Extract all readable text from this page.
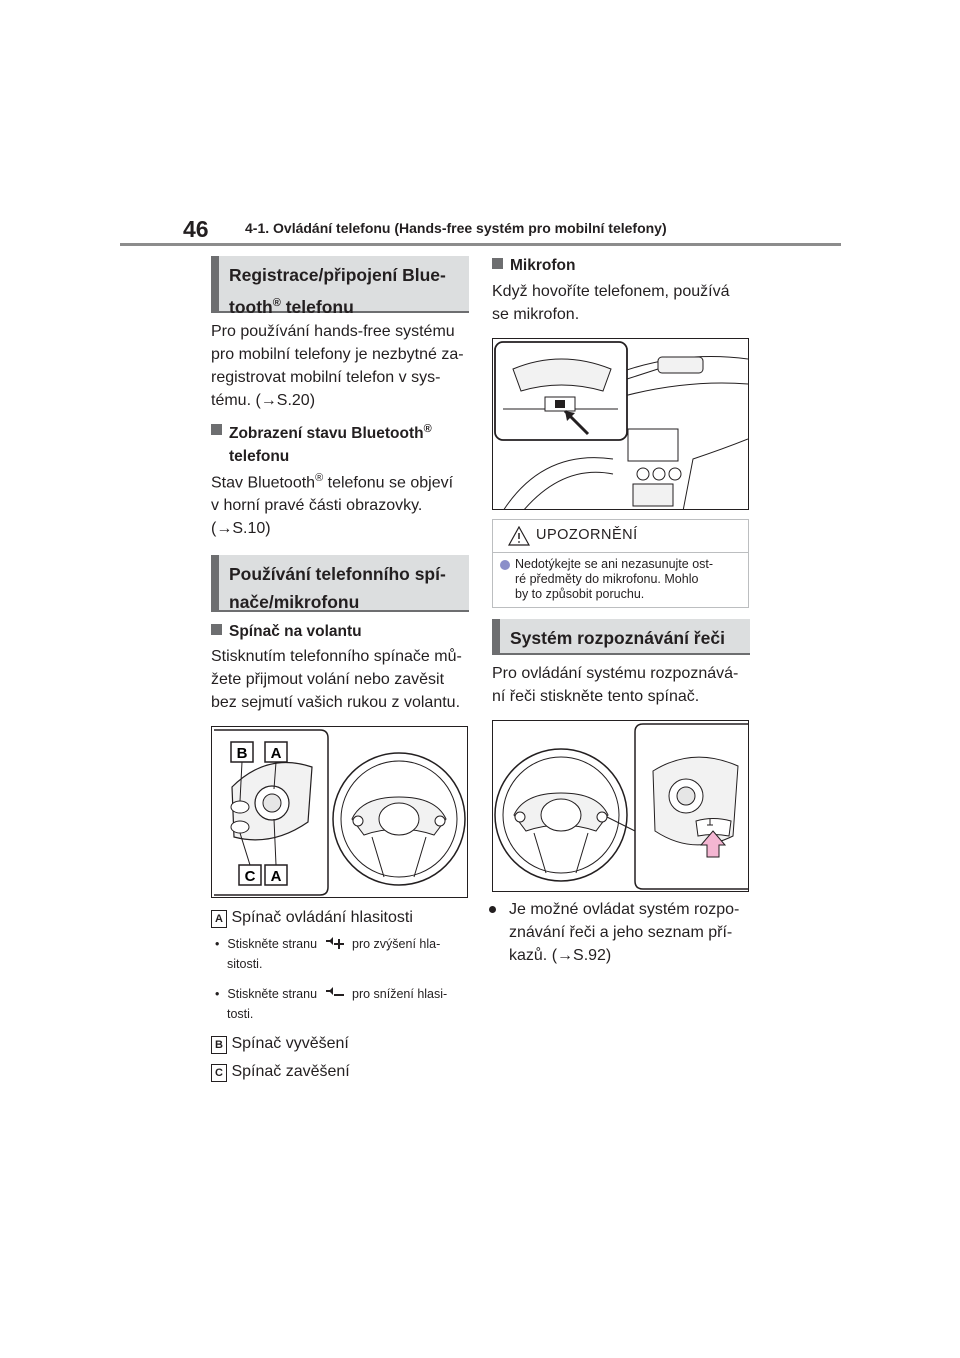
46	4-1. Ovládání telefonu (Hands-free systém pro mobilní telefony)
Registrace/připojení Blue-
tooth® telefonu
Pro používání hands-free systému
pro mobilní telefony je nezbytné za-
registrovat mobilní telefon v sys-
tému. (→S.20)
Zobrazení stavu Bluetooth®
telefonu
Stav Bluetooth® telefonu se objeví
v horní pravé části obrazovky.
(→S.10)
Používání telefonního spí-
nače/mikrofonu
Spínač na volantu
Stisknutím telefonního spínače mů-
žete přijmout volání nebo zavěsit
bez sejmutí vašich rukou z volantu.
B A
C A
A Spínač ovládání hlasitosti
• Stiskněte stranu	pro zvýšení hla-
sitosti.
• Stiskněte stranu	pro snížení hlasi-
tosti.
B Spínač vyvěšení
C Spínač zavěšení
Mikrofon
Když hovoříte telefonem, používá
se mikrofon.
UPOZORNĚNÍ
Nedotýkejte se ani nezasunujte ost-
ré předměty do mikrofonu. Mohlo
by to způsobit poruchu.
Systém rozpoznávání řeči
Pro ovládání systému rozpoznává-
ní řeči stiskněte tento spínač.
Je možné ovládat systém rozpo-
znávání řeči a jeho seznam pří-
kazů. (→S.92)
